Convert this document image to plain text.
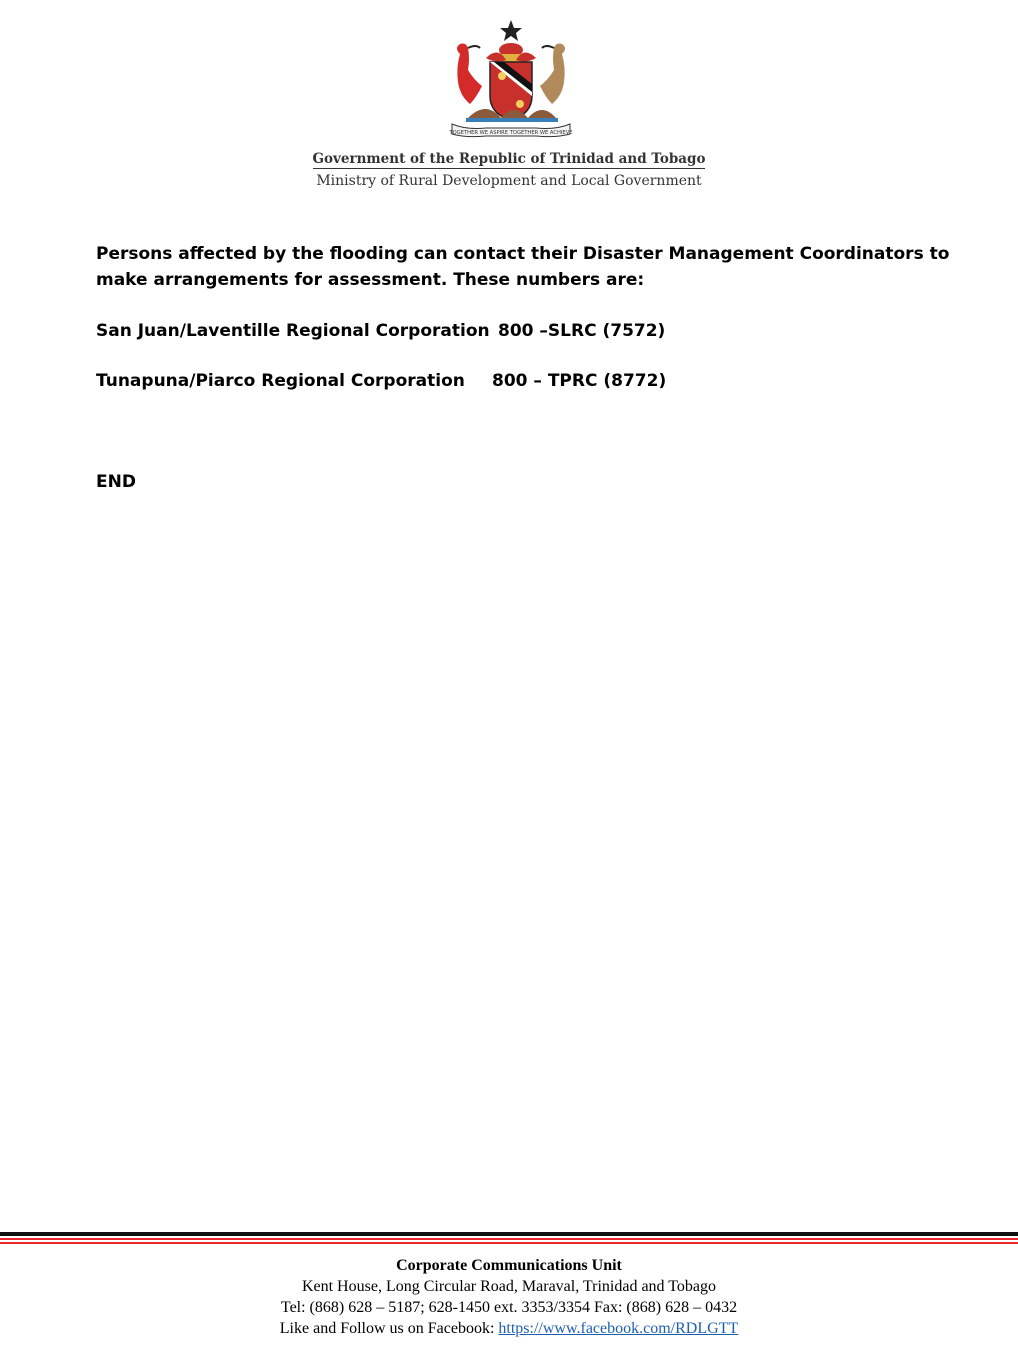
TOGETHER WE ASPIRE TOGETHER WE ACHIEVE
Government of the Republic of Trinidad and Tobago
Ministry of Rural Development and Local Government
Persons affected by the flooding can contact their Disaster Management Coordinators to make arrangements for assessment. These numbers are:
San Juan/Laventille Regional Corporation 800 –SLRC (7572)
Tunapuna/Piarco Regional Corporation 800 – TPRC (8772)
END
Corporate Communications Unit
Kent House, Long Circular Road, Maraval, Trinidad and Tobago
Tel: (868) 628 – 5187; 628-1450 ext. 3353/3354 Fax: (868) 628 – 0432
Like and Follow us on Facebook: https://www.facebook.com/RDLGTT
